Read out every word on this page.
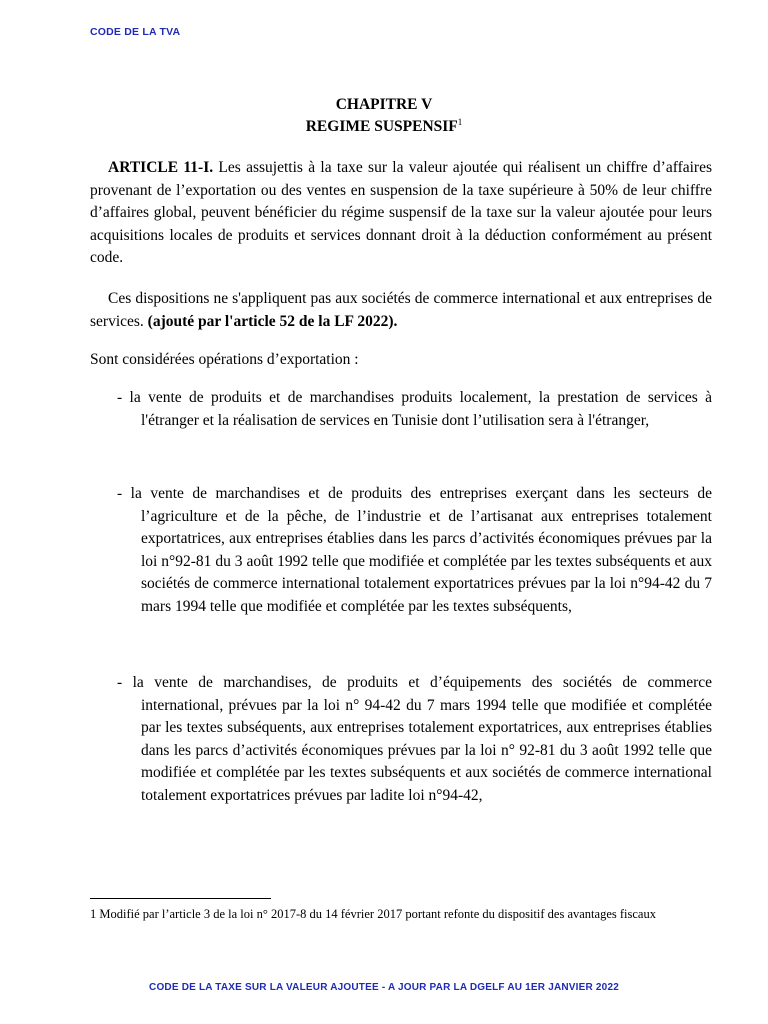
CODE DE LA TVA
CHAPITRE V
REGIME SUSPENSIF$^1$
ARTICLE 11-I. Les assujettis à la taxe sur la valeur ajoutée qui réalisent un chiffre d’affaires provenant de l’exportation ou des ventes en suspension de la taxe supérieure à 50% de leur chiffre d’affaires global, peuvent bénéficier du régime suspensif de la taxe sur la valeur ajoutée pour leurs acquisitions locales de produits et services donnant droit à la déduction conformément au présent code.
Ces dispositions ne s'appliquent pas aux sociétés de commerce international et aux entreprises de services. (ajouté par l'article 52 de la LF 2022).
Sont considérées opérations d’exportation :
- la vente de produits et de marchandises produits localement, la prestation de services à l'étranger et la réalisation de services en Tunisie dont l’utilisation sera à l'étranger,
- la vente de marchandises et de produits des entreprises exerçant dans les secteurs de l’agriculture et de la pêche, de l’industrie et de l’artisanat aux entreprises totalement exportatrices, aux entreprises établies dans les parcs d’activités économiques prévues par la loi n°92-81 du 3 août 1992 telle que modifiée et complétée par les textes subséquents et aux sociétés de commerce international totalement exportatrices prévues par la loi n°94-42 du 7 mars 1994 telle que modifiée et complétée par les textes subséquents,
- la vente de marchandises, de produits et d’équipements des sociétés de commerce international, prévues par la loi n° 94-42 du 7 mars 1994 telle que modifiée et complétée par les textes subséquents, aux entreprises totalement exportatrices, aux entreprises établies dans les parcs d’activités économiques prévues par la loi n° 92-81 du 3 août 1992 telle que modifiée et complétée par les textes subséquents et aux sociétés de commerce international totalement exportatrices prévues par ladite loi n°94-42,
1 Modifié par l’article 3 de la loi n° 2017-8 du 14 février 2017 portant refonte du dispositif des avantages fiscaux
CODE DE LA TAXE SUR LA VALEUR AJOUTEE - A JOUR PAR LA DGELF AU 1ER JANVIER 2022
